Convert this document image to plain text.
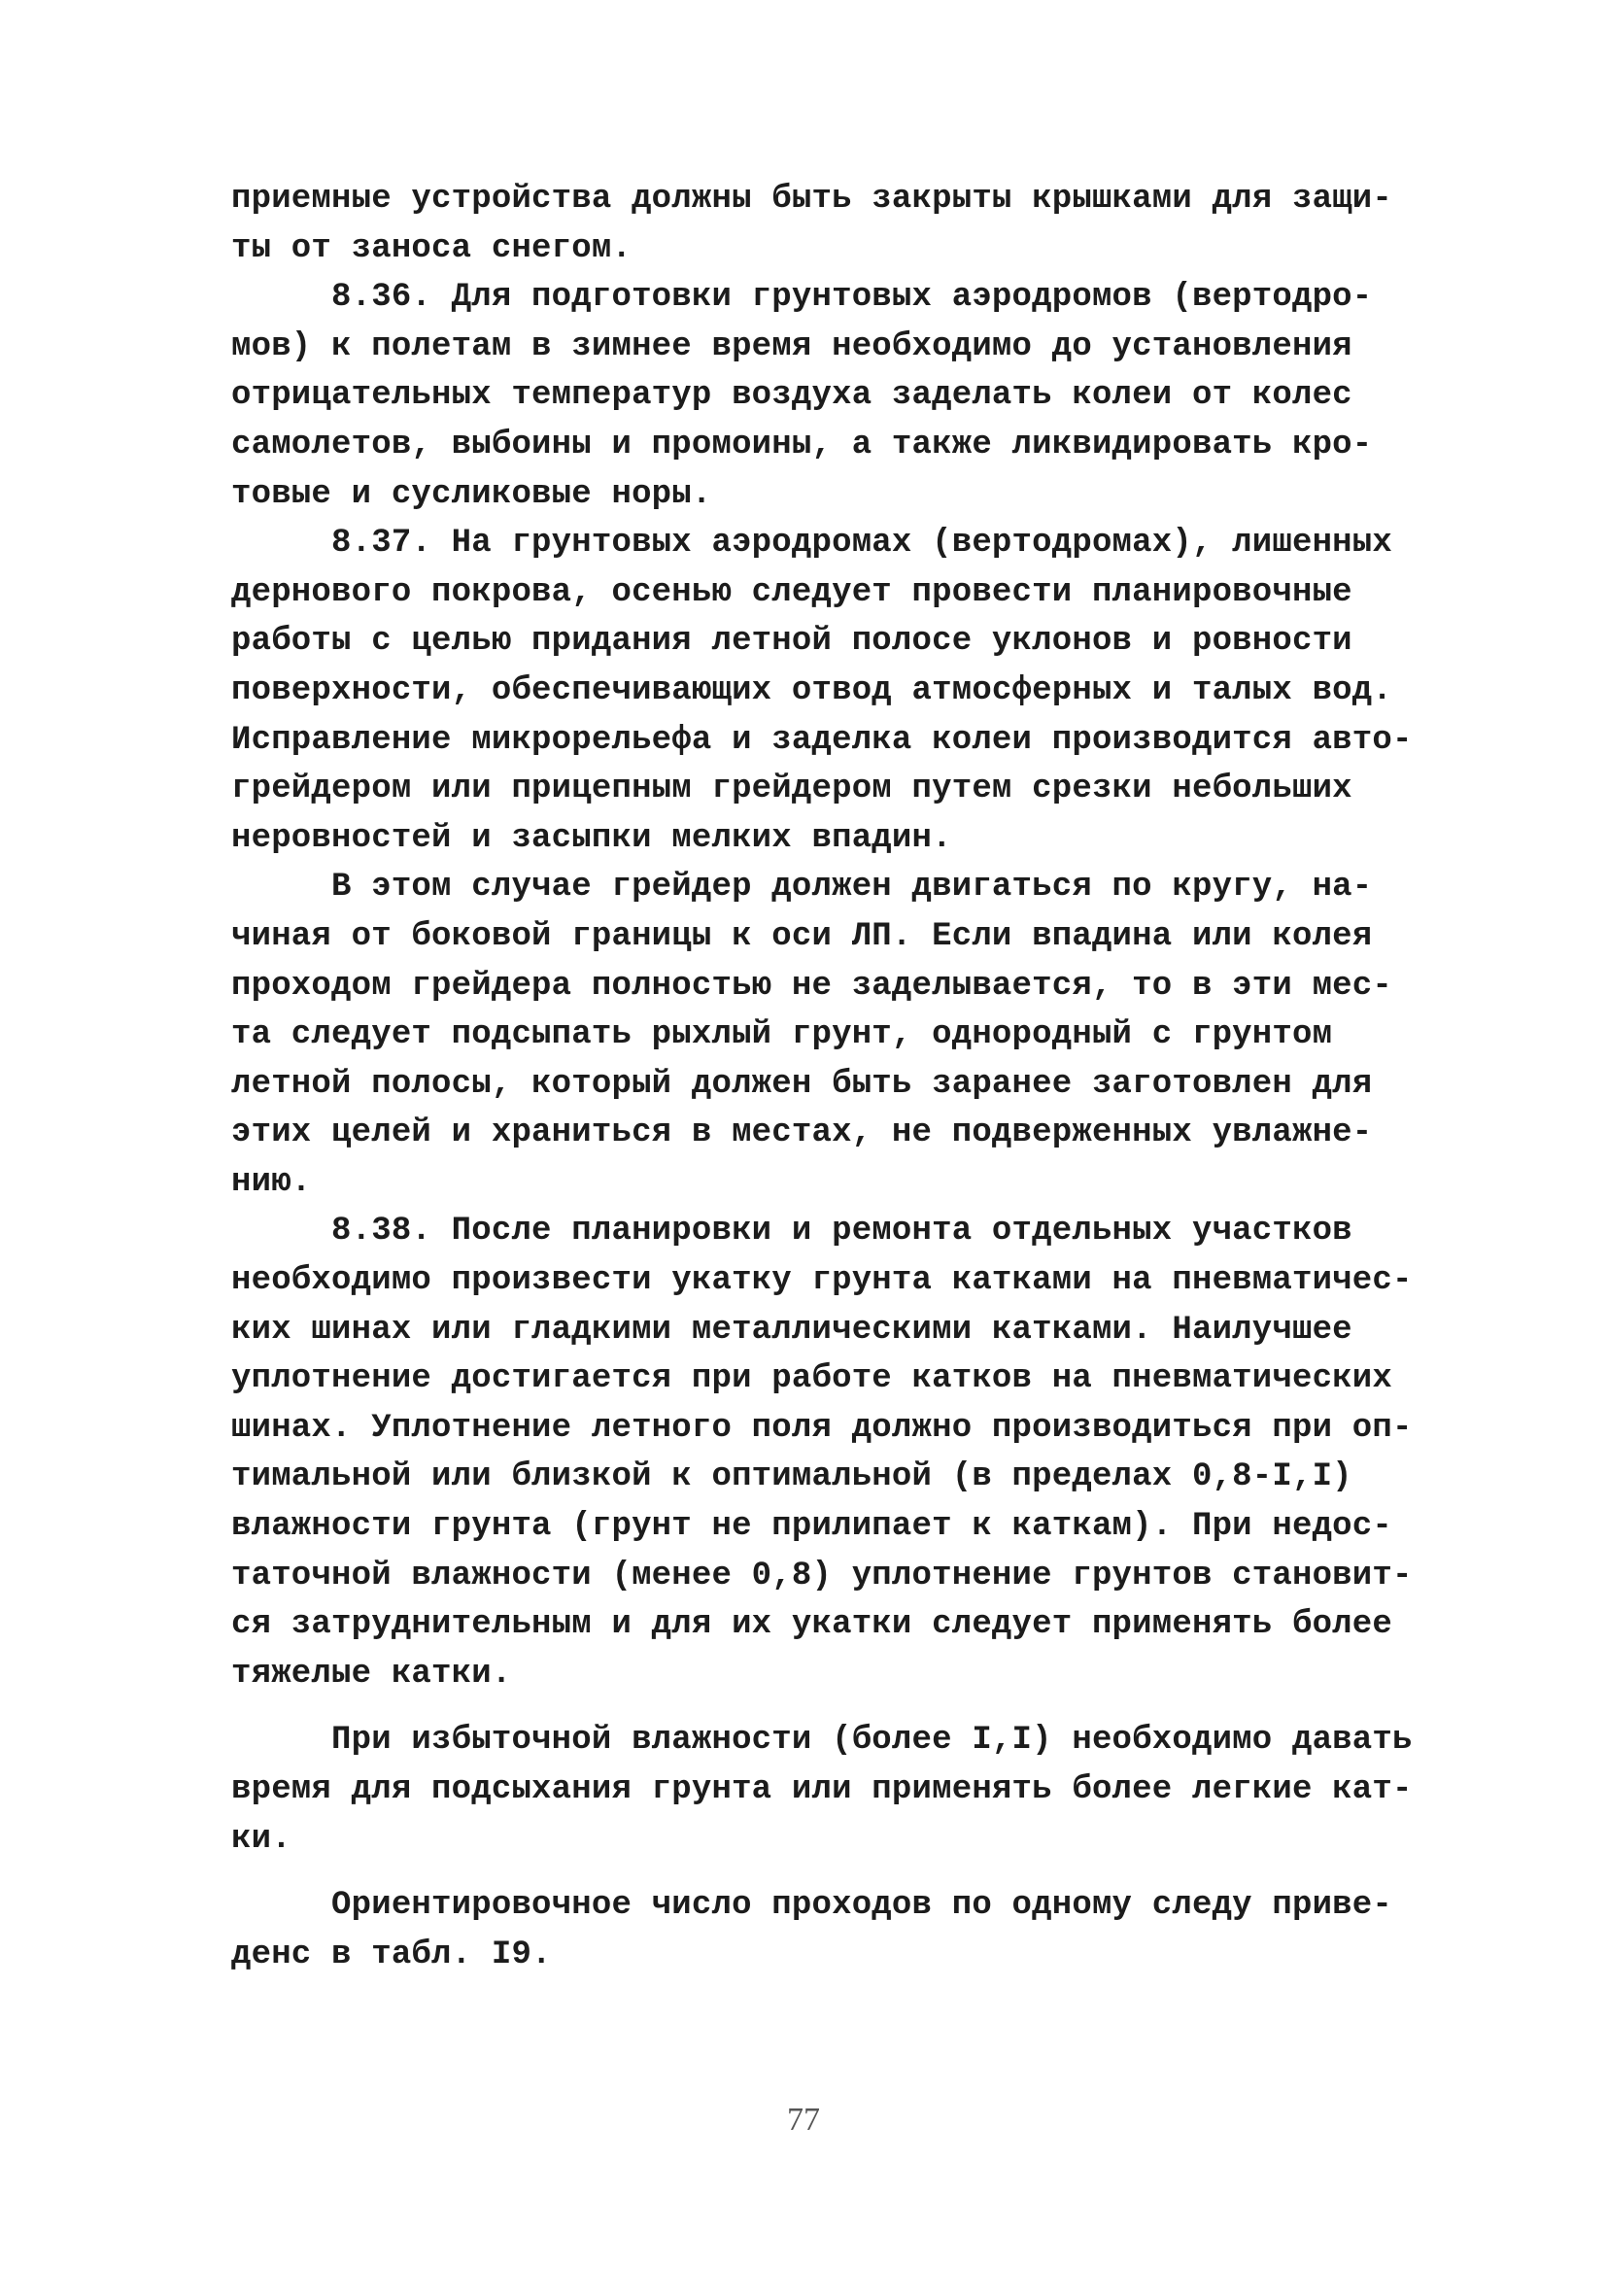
приемные устройства должны быть закрыты крышками для защи-
ты от заноса снегом.
8.36. Для подготовки грунтовых аэродромов (вертодро-
мов) к полетам в зимнее время необходимо до установления
отрицательных температур воздуха заделать колеи от колес
самолетов, выбоины и промоины, а также ликвидировать кро-
товые и сусликовые норы.
8.37. На грунтовых аэродромах (вертодромах), лишенных
дернового покрова, осенью следует провести планировочные
работы с целью придания летной полосе уклонов и ровности
поверхности, обеспечивающих отвод атмосферных и талых вод.
Исправление микрорельефа и заделка колеи производится авто-
грейдером или прицепным грейдером путем срезки небольших
неровностей и засыпки мелких впадин.
В этом случае грейдер должен двигаться по кругу, на-
чиная от боковой границы к оси ЛП. Если впадина или колея
проходом грейдера полностью не заделывается, то в эти мес-
та следует подсыпать рыхлый грунт, однородный с грунтом
летной полосы, который должен быть заранее заготовлен для
этих целей и храниться в местах, не подверженных увлажне-
нию.
8.38. После планировки и ремонта отдельных участков
необходимо произвести укатку грунта катками на пневматичес-
ких шинах или гладкими металлическими катками. Наилучшее
уплотнение достигается при работе катков на пневматических
шинах. Уплотнение летного поля должно производиться при оп-
тимальной или близкой к оптимальной (в пределах 0,8-I,I)
влажности грунта (грунт не прилипает к каткам). При недос-
таточной влажности (менее 0,8) уплотнение грунтов становит-
ся затруднительным и для их укатки следует применять более
тяжелые катки.
При избыточной влажности (более I,I) необходимо давать
время для подсыхания грунта или применять более легкие кат-
ки.
Ориентировочное число проходов по одному следу приве-
денс в табл. I9.
77
